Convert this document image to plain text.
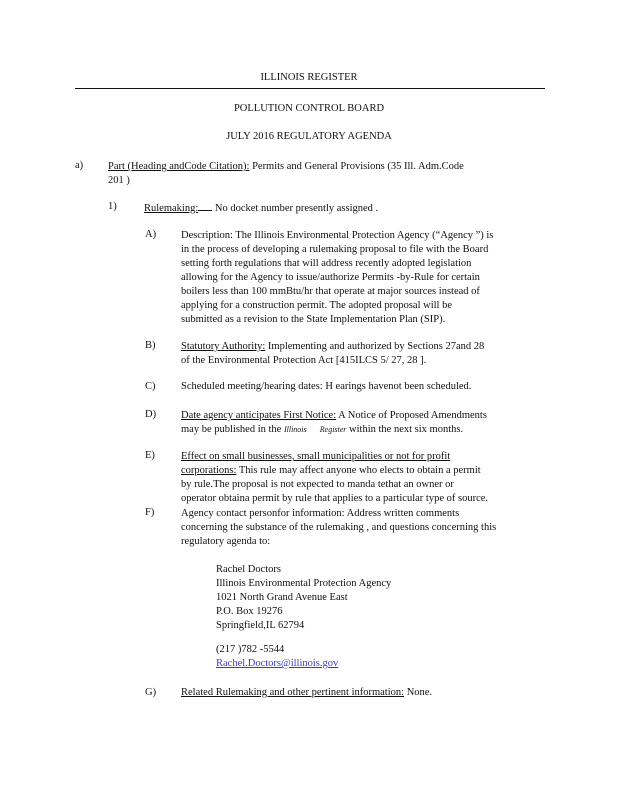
ILLINOIS REGISTER
POLLUTION CONTROL BOARD
JULY 2016 REGULATORY AGENDA
a) Part (Heading andCode Citation): Permits and General Provisions (35 Ill. Adm.Code
201 )
1)	Rulemaking: No docket number presently assigned .
A) Description: The Illinois Environmental Protection Agency (“Agency ”) is
in the process of developing a rulemaking proposal to file with the Board
setting forth regulations that will address recently adopted legislation
allowing for the Agency to issue/authorize Permits -by-Rule for certain
boilers less than 100 mmBtu/hr that operate at major sources instead of
applying for a construction permit. The adopted proposal will be
submitted as a revision to the State Implementation Plan (SIP).
B) Statutory Authority: Implementing and authorized by Sections 27and 28
of the Environmental Protection Act [415ILCS 5/ 27, 28 ].
C) Scheduled meeting/hearing dates: H earings havenot been scheduled.
D) Date agency anticipates First Notice: A Notice of Proposed Amendments
may be published in the Illinois Register within the next six months.
E) Effect on small businesses, small municipalities or not for profit
corporations: This rule may affect anyone who elects to obtain a permit
by rule.The proposal is not expected to manda tethat an owner or
operator obtaina permit by rule that applies to a particular type of source.
F)	Agency contact personfor information: Address written comments
concerning the substance of the rulemaking , and questions concerning this
regulatory agenda to:
Rachel Doctors
Illinois Environmental Protection Agency
1021 North Grand Avenue East
P.O. Box 19276
Springfield,IL 62794
(217 )782 -5544
Rachel.Doctors@illinois.gov
G) Related Rulemaking and other pertinent information: None.
